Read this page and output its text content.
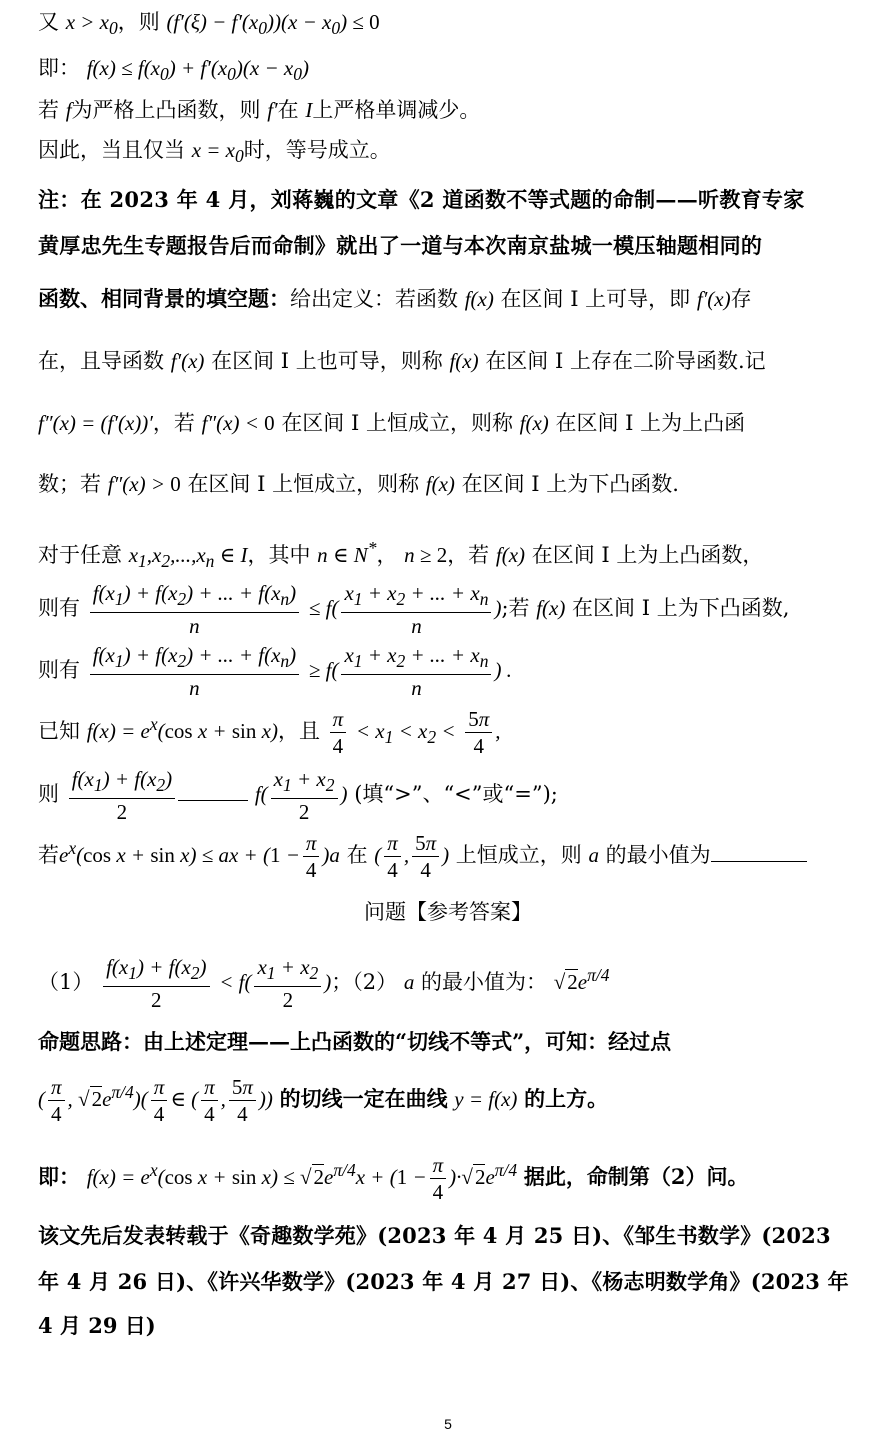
又 $x > x_0$，则 $(f'(\xi) - f'(x_0))(x - x_0) \le 0$
即： $f(x) \le f(x_0) + f'(x_0)(x - x_0)$
若 f为严格上凸函数，则 f′在 I上严格单调减少。
因此，当且仅当 $x = x_0$时，等号成立。
注：在 2023 年 4 月，刘蒋巍的文章《2 道函数不等式题的命制——听教育专家
黄厚忠先生专题报告后而命制》就出了一道与本次南京盐城一模压轴题相同的
函数、相同背景的填空题：给出定义：若函数 f(x) 在区间 I 上可导，即 f′(x)存
在，且导函数 f′(x) 在区间 I 上也可导，则称 f(x) 在区间 I 上存在二阶导函数.记
f″(x) = (f′(x))′，若 f″(x) < 0 在区间 I 上恒成立，则称 f(x) 在区间 I 上为上凸函
数；若 f″(x) > 0 在区间 I 上恒成立，则称 f(x) 在区间 I 上为下凸函数.
对于任意 $x_1,x_2,...,x_n$ ∈ I，其中 n ∈ N*， n ≥ 2，若 f(x) 在区间 I 上为上凸函数，
则有 $\frac{f(x_1) + f(x_2) + ... + f(x_n)}{n} \le f( \frac{x_1 + x_2 + ... + x_n}{n}$ );若 f(x) 在区间 I 上为下凸函数,
则有 $\frac{f(x_1) + f(x_2) + ... + f(x_n)}{n} \ge f( \frac{x_1 + x_2 + ... + x_n}{n}$ ) .
已知 $f(x) = e^x(\cos$ x + sin x)，且 $\frac{\pi}{4} < x_1 < x_2 < \frac{5\pi}{4}$ ,
则 $\frac{f(x_1) + f(x_2)}{2}$	$f( \frac{x_1 + x_2}{2}$ ) (填“>”、“<”或“=”);
若$e^x(\cos$ x + sin x) ≤ ax + $(1 - \frac{\pi}{4} )a$ 在 ( $\frac{\pi}{4}$ , $\frac{5\pi}{4}$ ) 上恒成立，则 a 的最小值为
问题【参考答案】
$(1) \frac{f(x_1) + f(x_2)}{2} < f( \frac{x_1 + x_2}{2}$ )；（2） a 的最小值为： $√2e^{\pi/4}$
命题思路：由上述定理——上凸函数的“切线不等式”，可知：经过点
( $\frac{\pi}{4}$ , $√2e^{\pi/4})( \frac{\pi}{4}$ ∈ ( $\frac{\pi}{4}$ , $\frac{5\pi}{4}$ )) 的切线一定在曲线 y = f(x) 的上方。
即： $f(x) = e^x(\cos$ $x + \sin x) \le √2e^{\pi/4}x + (1 - \frac{\pi}{4} )\cdot√2e^{\pi/4}$ 据此，命制第（2）问。
该文先后发表转载于《奇趣数学苑》(2023 年 4 月 25 日)、《邹生书数学》(2023
年 4 月 26 日)、《许兴华数学》(2023 年 4 月 27 日)、《杨志明数学角》(2023 年
4 月 29 日)
5
